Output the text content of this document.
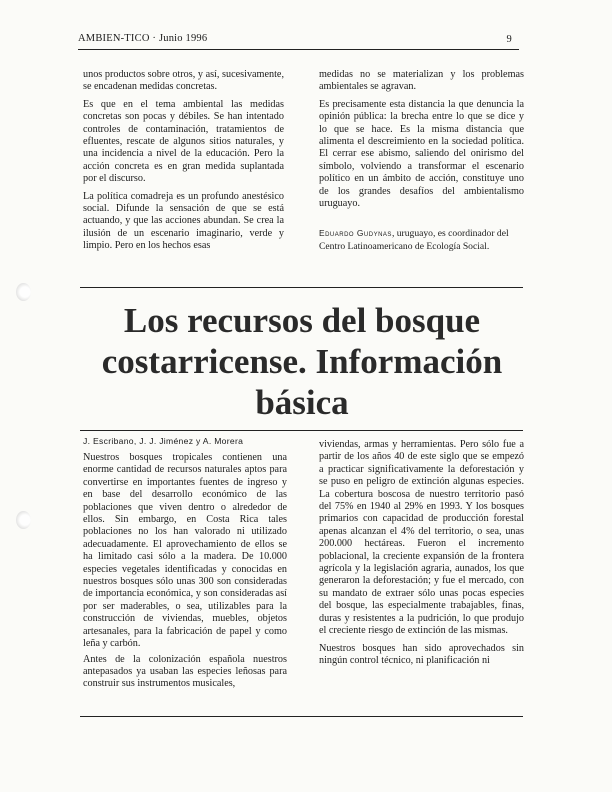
AMBIEN-TICO · Junio 1996	9

unos productos sobre otros, y así, sucesivamente, se encadenan medidas concretas.

Es que en el tema ambiental las medidas concretas son pocas y débiles. Se han intentado controles de contaminación, tratamientos de efluentes, rescate de algunos sitios naturales, y una incidencia a nivel de la educación. Pero la acción concreta es en gran medida suplantada por el discurso.

La política comadreja es un profundo anestésico social. Difunde la sensación de que se está actuando, y que las acciones abundan. Se crea la ilusión de un escenario imaginario, verde y limpio. Pero en los hechos esas

medidas no se materializan y los problemas ambientales se agravan.

Es precisamente esta distancia la que denuncia la opinión pública: la brecha entre lo que se dice y lo que se hace. Es la misma distancia que alimenta el descreimiento en la sociedad política. El cerrar ese abismo, saliendo del onirismo del símbolo, volviendo a transformar el escenario político en un ámbito de acción, constituye uno de los grandes desafíos del ambientalismo uruguayo.

Eduardo Gudynas, uruguayo, es coordinador del Centro Latinoamericano de Ecología Social.
Los recursos del bosque costarricense. Información básica
J. Escribano, J. J. Jiménez y A. Morera

Nuestros bosques tropicales contienen una enorme cantidad de recursos naturales aptos para convertirse en importantes fuentes de ingreso y en base del desarrollo económico de las poblaciones que viven dentro o alrededor de ellos. Sin embargo, en Costa Rica tales poblaciones no los han valorado ni utilizado adecuadamente. El aprovechamiento de ellos se ha limitado casi sólo a la madera. De 10.000 especies vegetales identificadas y conocidas en nuestros bosques sólo unas 300 son consideradas de importancia económica, y son consideradas así por ser maderables, o sea, utilizables para la construcción de viviendas, muebles, objetos artesanales, para la fabricación de papel y como leña y carbón.

Antes de la colonización española nuestros antepasados ya usaban las especies leñosas para construir sus instrumentos musicales,

viviendas, armas y herramientas. Pero sólo fue a partir de los años 40 de este siglo que se empezó a practicar significativamente la deforestación y se puso en peligro de extinción algunas especies. La cobertura boscosa de nuestro territorio pasó del 75% en 1940 al 29% en 1993. Y los bosques primarios con capacidad de producción forestal apenas alcanzan el 4% del territorio, o sea, unas 200.000 hectáreas. Fueron el incremento poblacional, la creciente expansión de la frontera agrícola y la legislación agraria, aunados, los que generaron la deforestación; y fue el mercado, con su mandato de extraer sólo unas pocas especies del bosque, las especialmente trabajables, finas, duras y resistentes a la pudrición, lo que produjo el creciente riesgo de extinción de las mismas.

Nuestros bosques han sido aprovechados sin ningún control técnico, ni planificación ni
